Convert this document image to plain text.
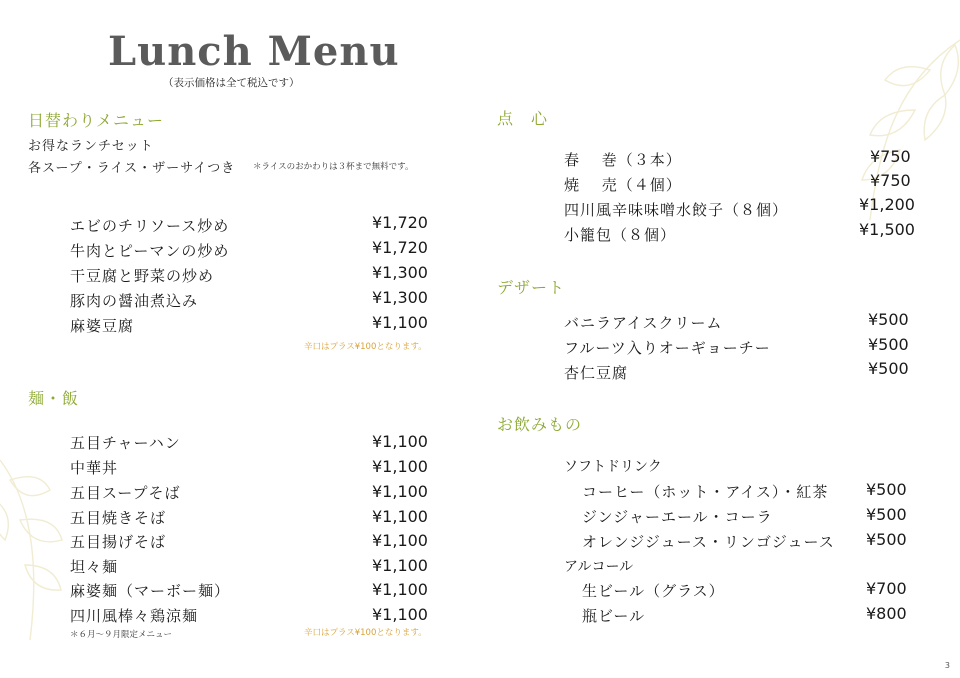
Lunch Menu
（表示価格は全て税込です）
日替わりメニュー
お得なランチセット
各スープ・ライス・ザーサイつき ＊ライスのおかわりは３杯まで無料です。
エビのチリソース炒め	¥1,720
牛肉とピーマンの炒め	¥1,720
干豆腐と野菜の炒め	¥1,300
豚肉の醤油煮込み	¥1,300
麻婆豆腐	¥1,100
辛口はプラス¥100となります。
麺・飯
五目チャーハン	¥1,100
中華丼	¥1,100
五目スープそば	¥1,100
五目焼きそば	¥1,100
五目揚げそば	¥1,100
坦々麺	¥1,100
麻婆麺（マーボー麺）	¥1,100
四川風棒々鶏涼麺	¥1,100
＊６月～９月限定メニュー	辛口はプラス¥100となります。
点　心
春　 巻（３本）	¥750
焼 　売（４個）	¥750
四川風辛味味噌水餃子（８個）	¥1,200
小籠包（８個）	¥1,500
デザート
バニラアイスクリーム	¥500
フルーツ入りオーギョーチー	¥500
杏仁豆腐	¥500
お飲みもの
ソフトドリンク
コーヒー（ホット・アイス）・紅茶 ¥500
ジンジャーエール・コーラ	¥500
オレンジジュース・リンゴジュース ¥500
アルコール
生ビール（グラス）	¥700
瓶ビール	¥800
3
